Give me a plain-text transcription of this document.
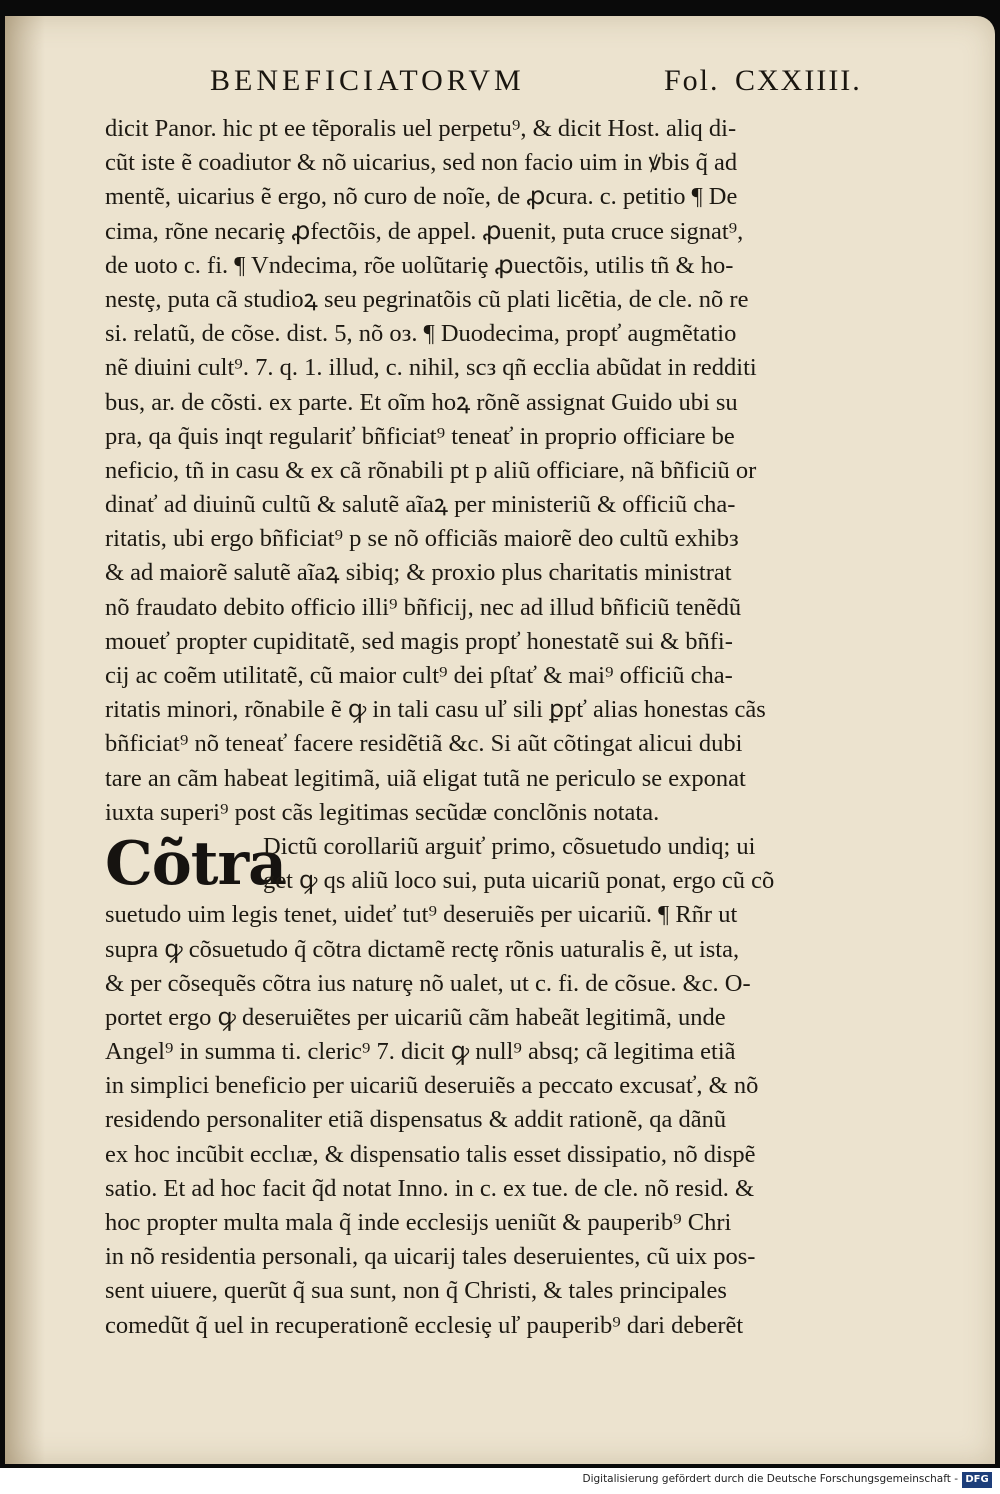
BENEFICIATORVM	Fol. CXXIIII.
dicit Panor. hic pt ee tẽporalis uel perpetu⁹, & dicit Host. aliq di-
cũt iste ẽ coadiutor & nõ uicarius, sed non facio uim in ꝟbis q̃ ad
mentẽ, uicarius ẽ ergo, nõ curo de noĩe, de ꝓcura. c. petitio ¶ De
cima, rõne necariȩ ꝓfectõis, de appel. ꝓuenit, puta cruce signat⁹,
de uoto c. fi. ¶ Vndecima, rõe uolũtariȩ ꝓuectõis, utilis tñ & ho-
nestȩ, puta cã studioꝝ seu pegrinatõis cũ plati licẽtia, de cle. nõ re
si. relatũ, de cõse. dist. 5, nõ oз. ¶ Duodecima, propť augmẽtatio
nẽ diuini cult⁹. 7. q. 1. illud, c. nihil, scз qñ ecclia abũdat in redditi
bus, ar. de cõsti. ex parte. Et oĩm hoꝝ rõnẽ assignat Guido ubi su
pra, qa q̃uis inqt regulariť bñficiat⁹ teneať in proprio officiare be
neficio, tñ in casu & ex cã rõnabili pt p aliũ officiare, nã bñficiũ or
dinať ad diuinũ cultũ & salutẽ aĩaꝝ per ministeriũ & officiũ cha-
ritatis, ubi ergo bñficiat⁹ p se nõ officiãs maiorẽ deo cultũ exhibз
& ad maiorẽ salutẽ aĩaꝝ sibiq; & proxio plus charitatis ministrat
nõ fraudato debito officio illi⁹ bñficij, nec ad illud bñficiũ tenẽdũ
moueť propter cupiditatẽ, sed magis propť honestatẽ sui & bñfi-
cij ac coẽm utilitatẽ, cũ maior cult⁹ dei pſtať & mai⁹ officiũ cha-
ritatis minori, rõnabile ẽ ꝙ in tali casu uľ sili ꝑpť alias honestas cãs
bñficiat⁹ nõ teneať facere residẽtiã &c. Si aũt cõtingat alicui dubi
tare an cãm habeat legitimã, uiã eligat tutã ne periculo se exponat
iuxta superi⁹ post cãs legitimas secũdæ conclõnis notata.
Cõtra
Dictũ corollariũ arguiť primo, cõsuetudo undiq; ui
get ꝙ qs aliũ loco sui, puta uicariũ ponat, ergo cũ cõ
suetudo uim legis tenet, uideť tut⁹ deseruiẽs per uicariũ. ¶ Rñr ut
supra ꝙ cõsuetudo q̃ cõtra dictamẽ rectȩ rõnis uaturalis ẽ, ut ista,
& per cõsequẽs cõtra ius naturȩ nõ ualet, ut c. fi. de cõsue. &c. O-
portet ergo ꝙ deseruiẽtes per uicariũ cãm habeãt legitimã, unde
Angel⁹ in summa ti. cleric⁹ 7. dicit ꝙ null⁹ absq; cã legitima etiã
in simplici beneficio per uicariũ deseruiẽs a peccato excusať, & nõ
residendo personaliter etiã dispensatus & addit rationẽ, qa dãnũ
ex hoc incũbit ecclıæ, & dispensatio talis esset dissipatio, nõ dispẽ
satio. Et ad hoc facit q̃d notat Inno. in c. ex tue. de cle. nõ resid. &
hoc propter multa mala q̃ inde ecclesijs ueniũt & pauperib⁹ Chri
in nõ residentia personali, qa uicarij tales deseruientes, cũ uix pos-
sent uiuere, querũt q̃ sua sunt, non q̃ Christi, & tales principales
comedũt q̃ uel in recuperationẽ ecclesiȩ uľ pauperib⁹ dari deberẽt
Digitalisierung gefördert durch die Deutsche Forschungsgemeinschaft - DFG
